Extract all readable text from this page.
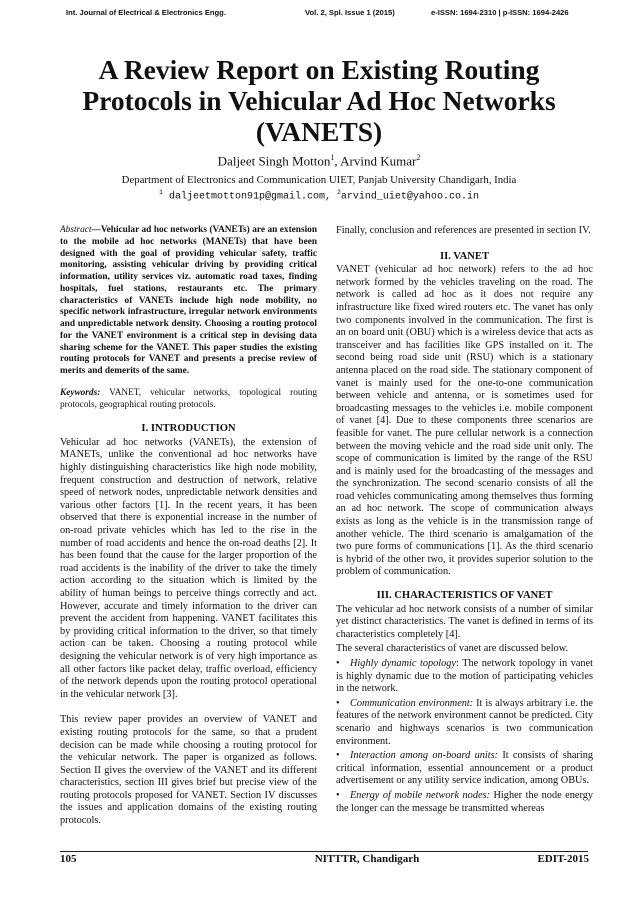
Int. Journal of Electrical & Electronics Engg.	Vol. 2, Spl. Issue 1 (2015)	e-ISSN: 1694-2310 | p-ISSN: 1694-2426
A Review Report on Existing Routing Protocols in Vehicular Ad Hoc Networks (VANETS)
Daljeet Singh Motton$^1$, Arvind Kumar$^2$
Department of Electronics and Communication UIET, Panjab University Chandigarh, India
$^1$ daljeetmotton91p@gmail.com, $^2$arvind_uiet@yahoo.co.in

Abstract—Vehicular ad hoc networks (VANETs) are an extension to the mobile ad hoc networks (MANETs) that have been designed with the goal of providing vehicular safety, traffic monitoring, assisting vehicular driving by providing critical information, utility services viz. automatic road taxes, finding hospitals, fuel stations, restaurants etc. The primary characteristics of VANETs include high node mobility, no specific network infrastructure, irregular network environments and unpredictable network density. Choosing a routing protocol for the VANET environment is a critical step in devising data sharing scheme for the VANET. This paper studies the existing routing protocols for VANET and presents a precise review of merits and demerits of the same.

Keywords: VANET, vehicular networks, topological routing protocols, geographical routing protocols.

I. INTRODUCTION

Vehicular ad hoc networks (VANETs), the extension of MANETs, unlike the conventional ad hoc networks have highly distinguishing characteristics like high node mobility, frequent construction and destruction of network, relative speed of network nodes, unpredictable network densities and various other factors [1]. In the recent years, it has been observed that there is exponential increase in the number of on-road private vehicles which has led to the rise in the number of road accidents and hence the on-road deaths [2]. It has been found that the cause for the larger proportion of the road accidents is the inability of the driver to take the timely action according to the situation which is limited by the ability of human beings to perceive things correctly and act. However, accurate and timely information to the driver can prevent the accident from happening. VANET facilitates this by providing critical information to the driver, so that timely action can be taken. Choosing a routing protocol while designing the vehicular network is of very high importance as all other factors like packet delay, traffic overload, efficiency of the network depends upon the routing protocol operational in the vehicular network [3].

This review paper provides an overview of VANET and existing routing protocols for the same, so that a prudent decision can be made while choosing a routing protocol for the vehicular network. The paper is organized as follows. Section II gives the overview of the VANET and its different characteristics, section III gives brief but precise view of the routing protocols proposed for VANET. Section IV discusses the issues and application domains of the existing routing protocols.

Finally, conclusion and references are presented in section IV.

II. VANET

VANET (vehicular ad hoc network) refers to the ad hoc network formed by the vehicles traveling on the road. The network is called ad hoc as it does not require any infrastructure like fixed wired routers etc. The vanet has only two components involved in the communication. The first is an on board unit (OBU) which is a wireless device that acts as transceiver and has facilities like GPS installed on it. The second being road side unit (RSU) which is a stationary antenna placed on the road side. The stationary component of vanet is mainly used for the one-to-one communication between vehicle and antenna, or is sometimes used for broadcasting messages to the vehicles i.e. mobile component of vanet [4]. Due to these components three scenarios are feasible for vanet. The pure cellular network is a connection between the moving vehicle and the road side unit only. The scope of communication is limited by the range of the RSU and is mainly used for the broadcasting of the messages and the synchronization. The second scenario consists of all the road vehicles communicating among themselves thus forming an ad hoc network. The scope of communication always exists as long as the vehicle is in the transmission range of another vehicle. The third scenario is amalgamation of the two pure forms of communications [1]. As the third scenario is hybrid of the other two, it provides superior solution to the problem of communication.

III. CHARACTERISTICS OF VANET

The vehicular ad hoc network consists of a number of similar yet distinct characteristics. The vanet is defined in terms of its characteristics completely [4].

The several characteristics of vanet are discussed below.

• Highly dynamic topology: The network topology in vanet is highly dynamic due to the motion of participating vehicles in the network.

• Communication environment: It is always arbitrary i.e. the features of the network environment cannot be predicted. City scenario and highways scenarios is two communication environment.

• Interaction among on-board units: It consists of sharing critical information, essential announcement or a product advertisement or any utility service indication, among OBUs.

• Energy of mobile network nodes: Higher the node energy the longer can the message be transmitted whereas

105	NITTTR, Chandigarh	EDIT-2015
